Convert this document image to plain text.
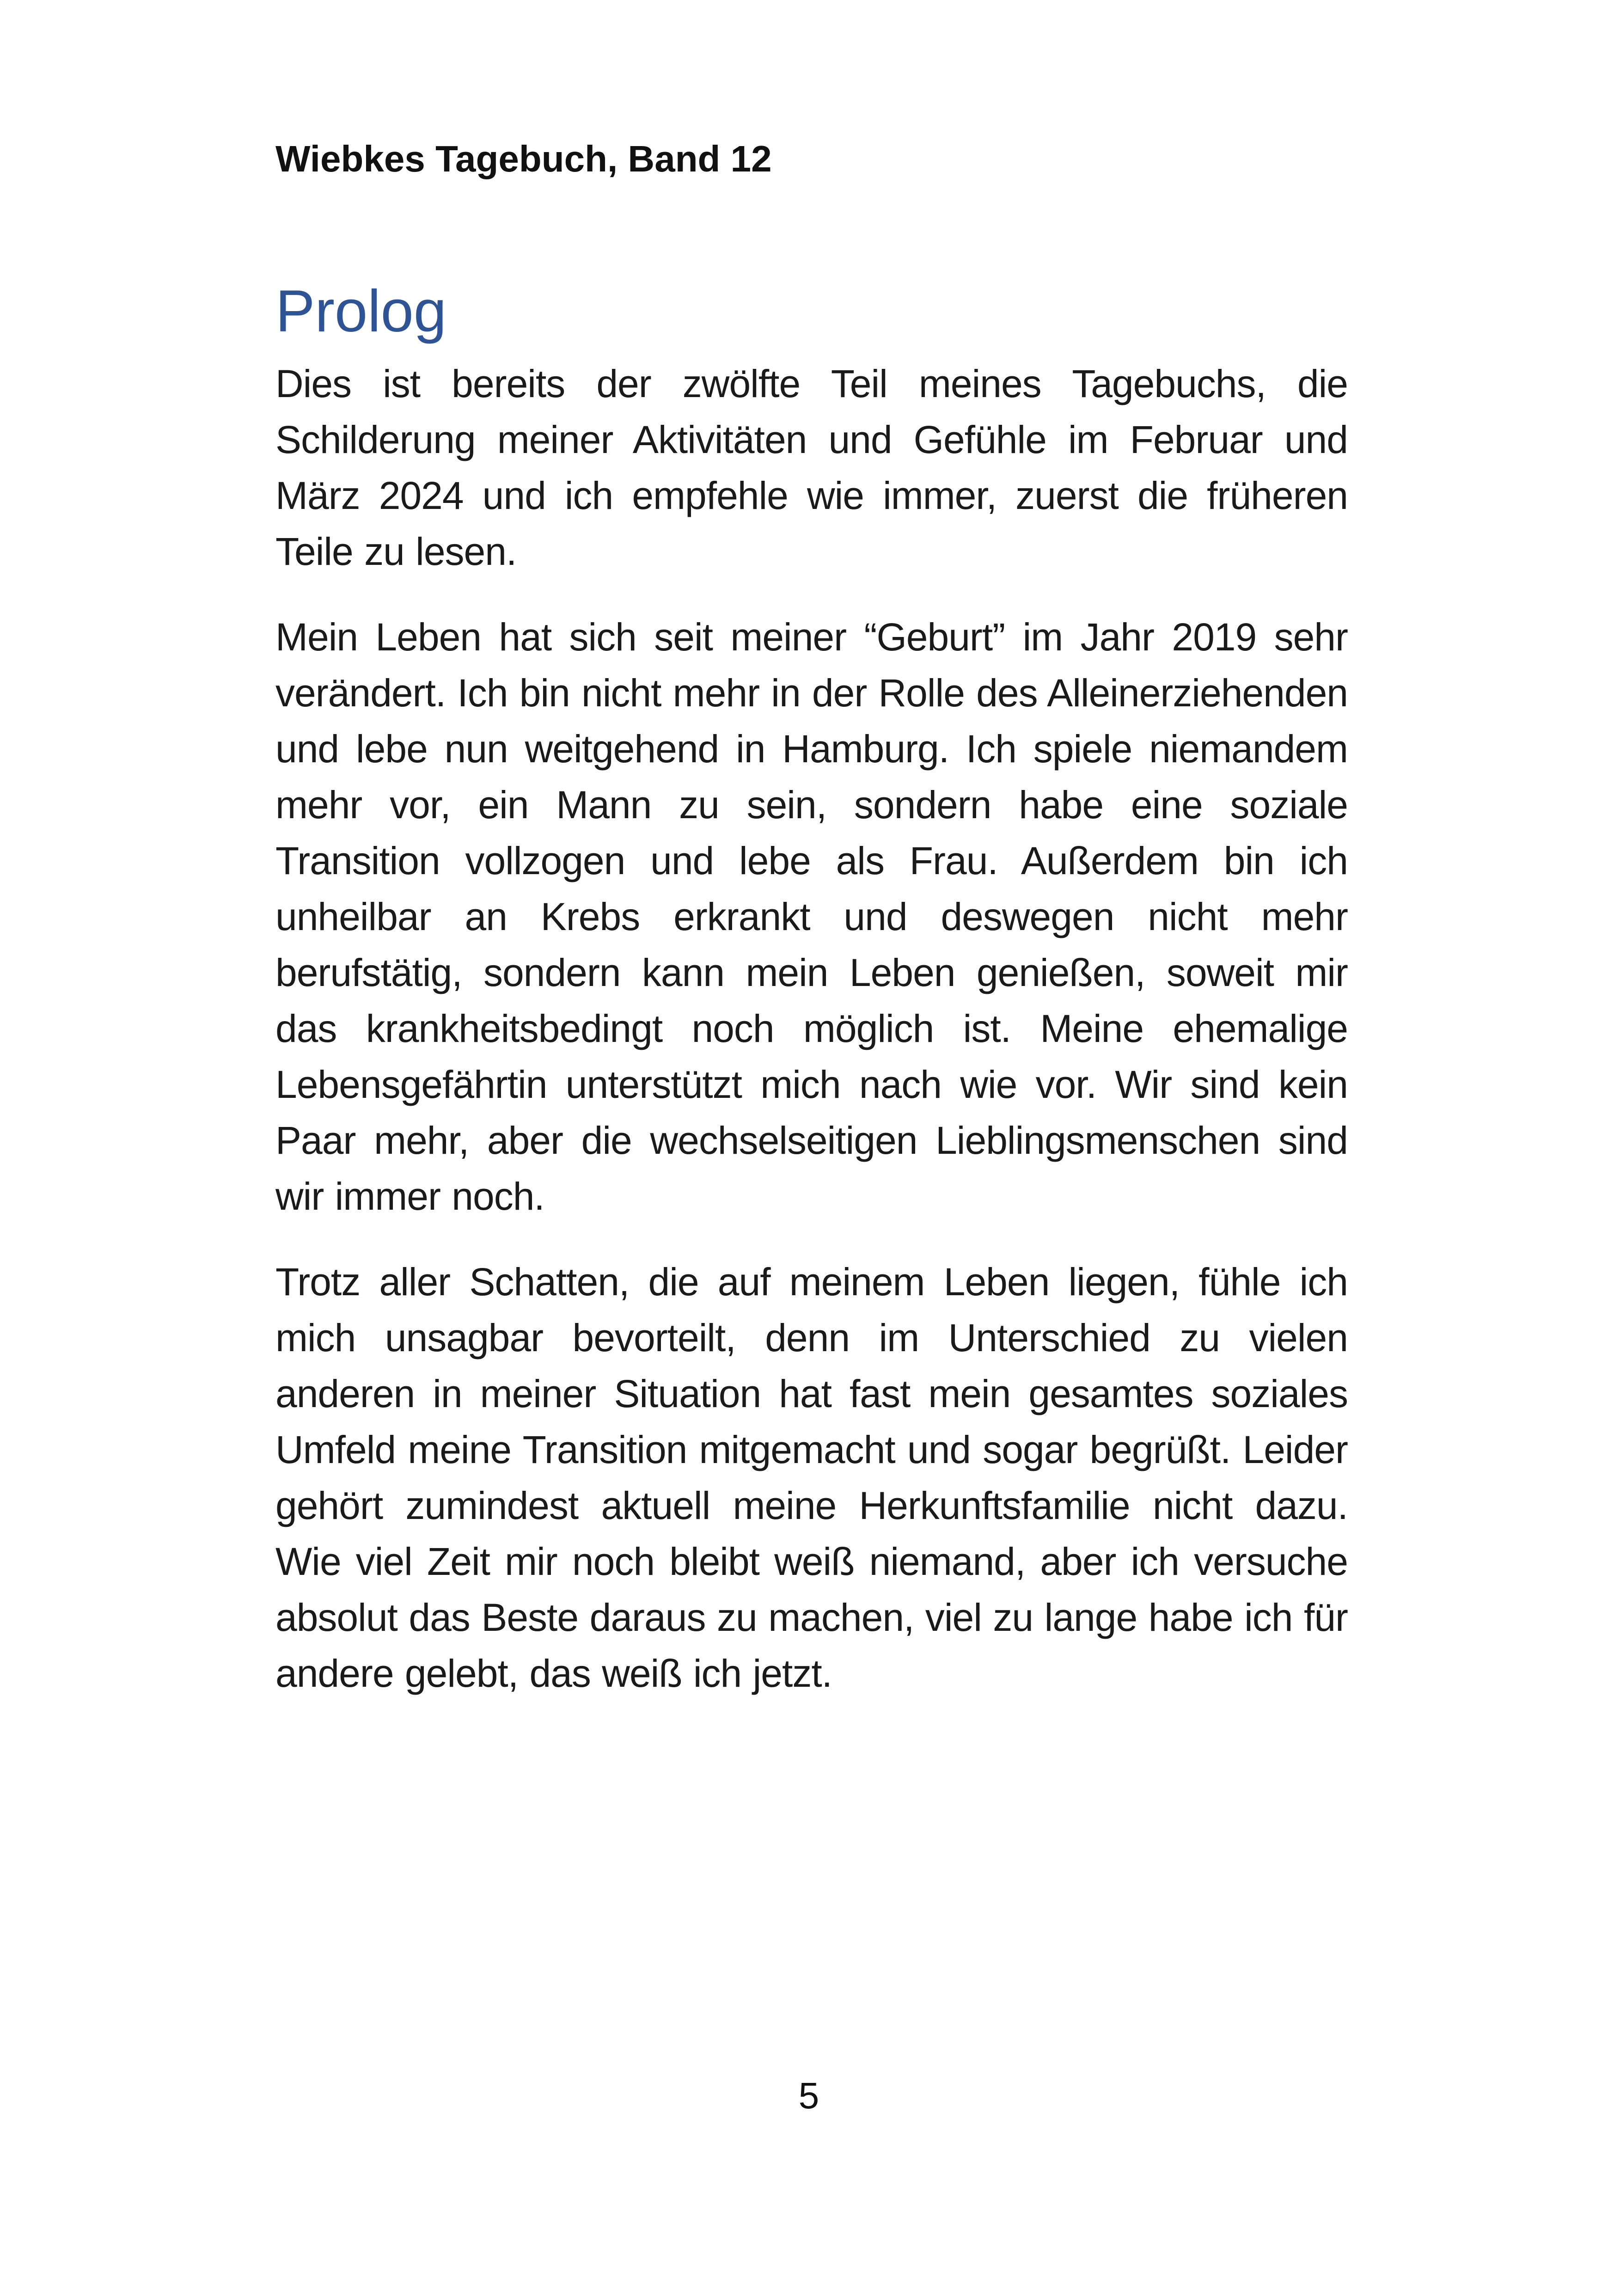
Wiebkes Tagebuch, Band 12
Prolog

Dies ist bereits der zwölfte Teil meines Tagebuchs, die Schilderung meiner Aktivitäten und Gefühle im Februar und März 2024 und ich empfehle wie immer, zuerst die früheren Teile zu lesen.

Mein Leben hat sich seit meiner “Geburt” im Jahr 2019 sehr verändert. Ich bin nicht mehr in der Rolle des Alleinerziehenden und lebe nun weitgehend in Hamburg. Ich spiele niemandem mehr vor, ein Mann zu sein, sondern habe eine soziale Transition vollzogen und lebe als Frau. Außerdem bin ich unheilbar an Krebs erkrankt und deswegen nicht mehr berufstätig, sondern kann mein Leben genießen, soweit mir das krankheitsbedingt noch möglich ist. Meine ehemalige Lebensgefährtin unterstützt mich nach wie vor. Wir sind kein Paar mehr, aber die wechselseitigen Lieblingsmenschen sind wir immer noch.

Trotz aller Schatten, die auf meinem Leben liegen, fühle ich mich unsagbar bevorteilt, denn im Unterschied zu vielen anderen in meiner Situation hat fast mein gesamtes soziales Umfeld meine Transition mitgemacht und sogar begrüßt. Leider gehört zumindest aktuell meine Herkunftsfamilie nicht dazu. Wie viel Zeit mir noch bleibt weiß niemand, aber ich versuche absolut das Beste daraus zu machen, viel zu lange habe ich für andere gelebt, das weiß ich jetzt.

5
